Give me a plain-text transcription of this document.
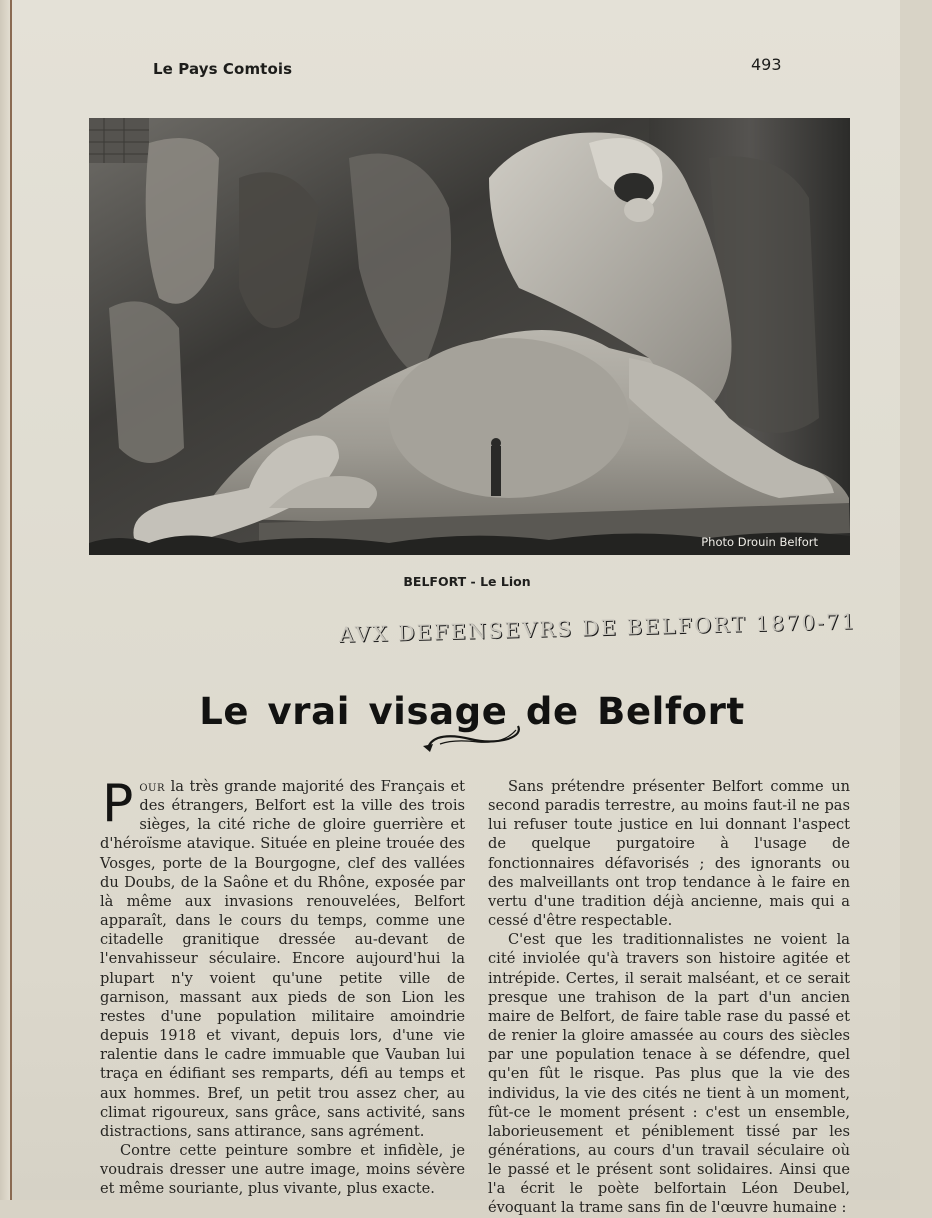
Le Pays Comtois	493
AVX DEFENSEVRS DE BELFORT 1870-71
Photo Drouin Belfort
BELFORT - Le Lion
Le vrai visage de Belfort

Pour la très grande majorité des Français et des étrangers, Belfort est la ville des trois sièges, la cité riche de gloire guerrière et d'héroïsme atavique. Située en pleine trouée des Vosges, porte de la Bourgogne, clef des vallées du Doubs, de la Saône et du Rhône, exposée par là même aux invasions renouvelées, Belfort apparaît, dans le cours du temps, comme une citadelle granitique dressée au-devant de l'envahisseur séculaire. Encore aujourd'hui la plupart n'y voient qu'une petite ville de garnison, massant aux pieds de son Lion les restes d'une population militaire amoindrie depuis 1918 et vivant, depuis lors, d'une vie ralentie dans le cadre immuable que Vauban lui traça en édifiant ses remparts, défi au temps et aux hommes. Bref, un petit trou assez cher, au climat rigoureux, sans grâce, sans activité, sans distractions, sans attirance, sans agrément.

Contre cette peinture sombre et infidèle, je voudrais dresser une autre image, moins sévère et même souriante, plus vivante, plus exacte.

Sans prétendre présenter Belfort comme un second paradis terrestre, au moins faut-il ne pas lui refuser toute justice en lui donnant l'aspect de quelque purgatoire à l'usage de fonctionnaires défavorisés ; des ignorants ou des malveillants ont trop tendance à le faire en vertu d'une tradition déjà ancienne, mais qui a cessé d'être respectable.

C'est que les traditionnalistes ne voient la cité inviolée qu'à travers son histoire agitée et intrépide. Certes, il serait malséant, et ce serait presque une trahison de la part d'un ancien maire de Belfort, de faire table rase du passé et de renier la gloire amassée au cours des siècles par une population tenace à se défendre, quel qu'en fût le risque. Pas plus que la vie des individus, la vie des cités ne tient à un moment, fût-ce le moment présent : c'est un ensemble, laborieusement et péniblement tissé par les générations, au cours d'un travail séculaire où le passé et le présent sont solidaires. Ainsi que l'a écrit le poète belfortain Léon Deubel, évoquant la trame sans fin de l'œuvre humaine :
